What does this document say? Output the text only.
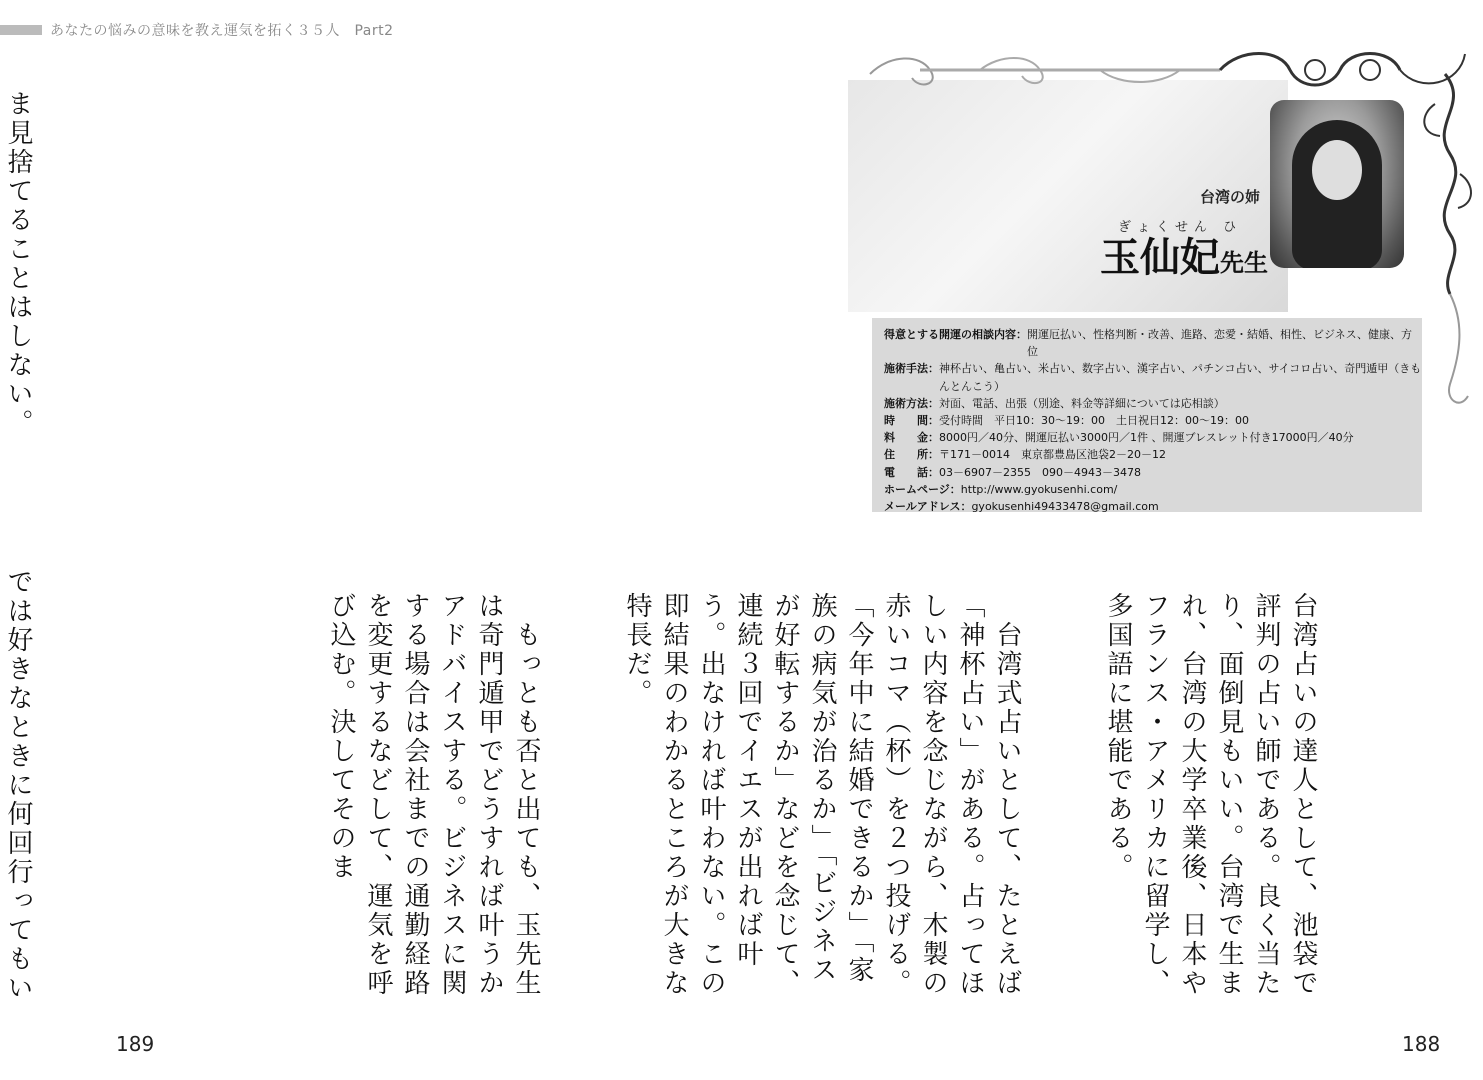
あなたの悩みの意味を教え運気を拓く３５人　Part2

ま見捨てることはしない。

では好きなときに何回行ってもい

189
台湾の姉
ぎょくせん ひ
玉仙妃先生
得意とする開運の相談内容： 開運厄払い、性格判断・改善、進路、恋愛・結婚、相性、ビジネス、健康、方位
施術手法： 神杯占い、亀占い、米占い、数字占い、漢字占い、パチンコ占い、サイコロ占い、奇門遁甲（きもんとんこう）
施術方法： 対面、電話、出張（別途、料金等詳細については応相談）
時　　間： 受付時間　平日10：30～19：00　土日祝日12：00～19：00
料　　金： 8000円／40分、開運厄払い3000円／1件 、開運ブレスレット付き17000円／40分
住　　所： 〒171－0014　東京都豊島区池袋2－20－12
電　　話： 03－6907－2355　090－4943－3478
ホームページ： http://www.gyokusenhi.com/
メールアドレス： gyokusenhi49433478@gmail.com

台湾占いの達人として、池袋で評判の占い師である。良く当たり、面倒見もいい。台湾で生まれ、台湾の大学卒業後、日本やフランス・アメリカに留学し、多国語に堪能である。

　台湾式占いとして、たとえば「神杯占い」がある。占ってほしい内容を念じながら、木製の赤いコマ（杯）を２つ投げる。「今年中に結婚できるか」「家族の病気が治るか」「ビジネスが好転するか」などを念じて、連続３回でイエスが出れば叶う。出なければ叶わない。この即結果のわかるところが大きな特長だ。

　もっとも否と出ても、玉先生は奇門遁甲でどうすれば叶うかアドバイスする。ビジネスに関する場合は会社までの通勤経路を変更するなどして、運気を呼び込む。決してそのま

188
